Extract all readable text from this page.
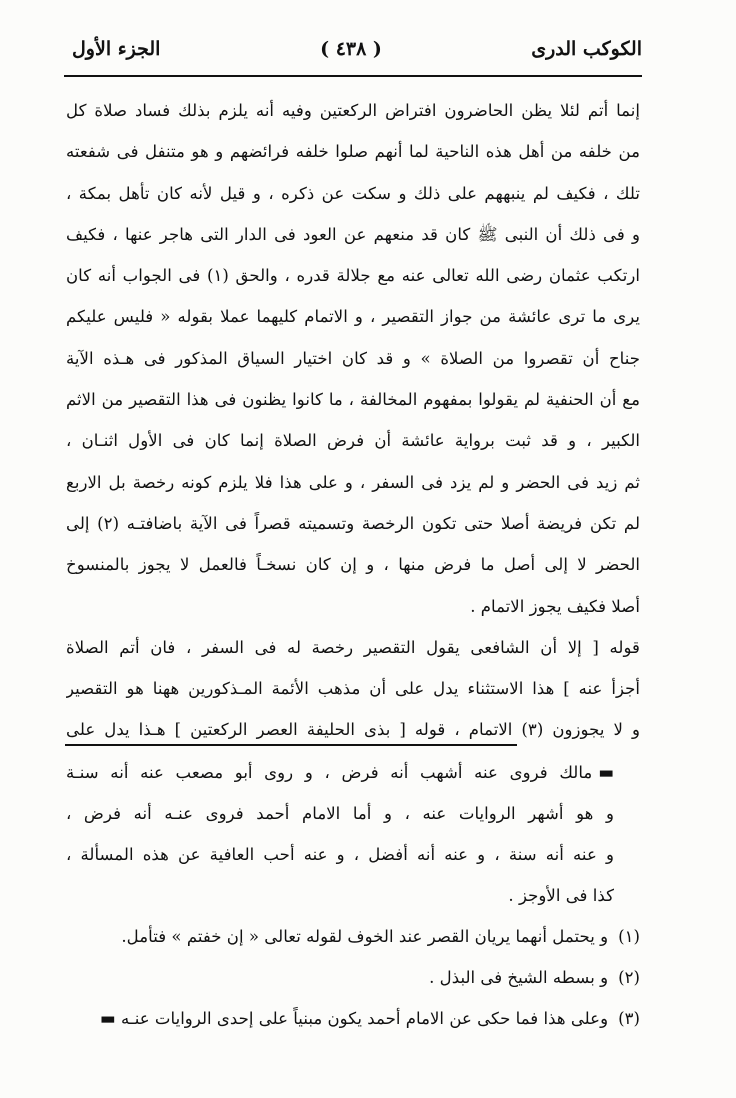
الكوكب الدرى
( ٤٣٨ )
الجزء الأول
إنما أتم لئلا يظن الحاضرون افتراض الركعتين وفيه أنه يلزم بذلك فساد صلاة كل
من خلفه من أهل هذه الناحية لما أنهم صلوا خلفه فرائضهم و هو متنفل فى شفعته
تلك ، فكيف لم ينبههم على ذلك و سكت عن ذكره ، و قيل لأنه كان تأهل بمكة ،
و فى ذلك أن النبى ﷺ كان قد منعهم عن العود فى الدار التى هاجر عنها ، فكيف
ارتكب عثمان رضى الله تعالى عنه مع جلالة قدره ، والحق (١) فى الجواب أنه كان
يرى ما ترى عائشة من جواز التقصير ، و الاتمام كليهما عملا بقوله « فليس عليكم
جناح أن تقصروا من الصلاة » و قد كان اختيار السياق المذكور فى هـذه الآية
مع أن الحنفية لم يقولوا بمفهوم المخالفة ، ما كانوا يظنون فى هذا التقصير من الاثم
الكبير ، و قد ثبت برواية عائشة أن فرض الصلاة إنما كان فى الأول اثنـان ،
ثم زيد فى الحضر و لم يزد فى السفر ، و على هذا فلا يلزم كونه رخصة بل الاربع
لم تكن فريضة أصلا حتى تكون الرخصة وتسميته قصراً فى الآية باضافتـه (٢) إلى
الحضر لا إلى أصل ما فرض منها ، و إن كان نسخـاً فالعمل لا يجوز بالمنسوخ
أصلا فكيف يجوز الاتمام .
قوله [ إلا أن الشافعى يقول التقصير رخصة له فى السفر ، فان أتم الصلاة
أجزأ عنه ] هذا الاستثناء يدل على أن مذهب الأئمة المـذكورين ههنا هو التقصير
و لا يجوزون (٣) الاتمام ، قوله [ بذى الحليفة العصر الركعتين ] هـذا يدل على
▬مالك فروى عنه أشهب أنه فرض ، و روى أبو مصعب عنه أنه سنـة
و هو أشهر الروايات عنه ، و أما الامام أحمد فروى عنـه أنه فرض ،
و عنه أنه سنة ، و عنه أنه أفضل ، و عنه أحب العافية عن هذه المسألة ،
كذا فى الأوجز .
(١)و يحتمل أنهما يريان القصر عند الخوف لقوله تعالى « إن خفتم » فتأمل.
(٢)و بسطه الشيخ فى البذل .
(٣)وعلى هذا فما حكى عن الامام أحمد يكون مبنياً على إحدى الروايات عنـه ▬
